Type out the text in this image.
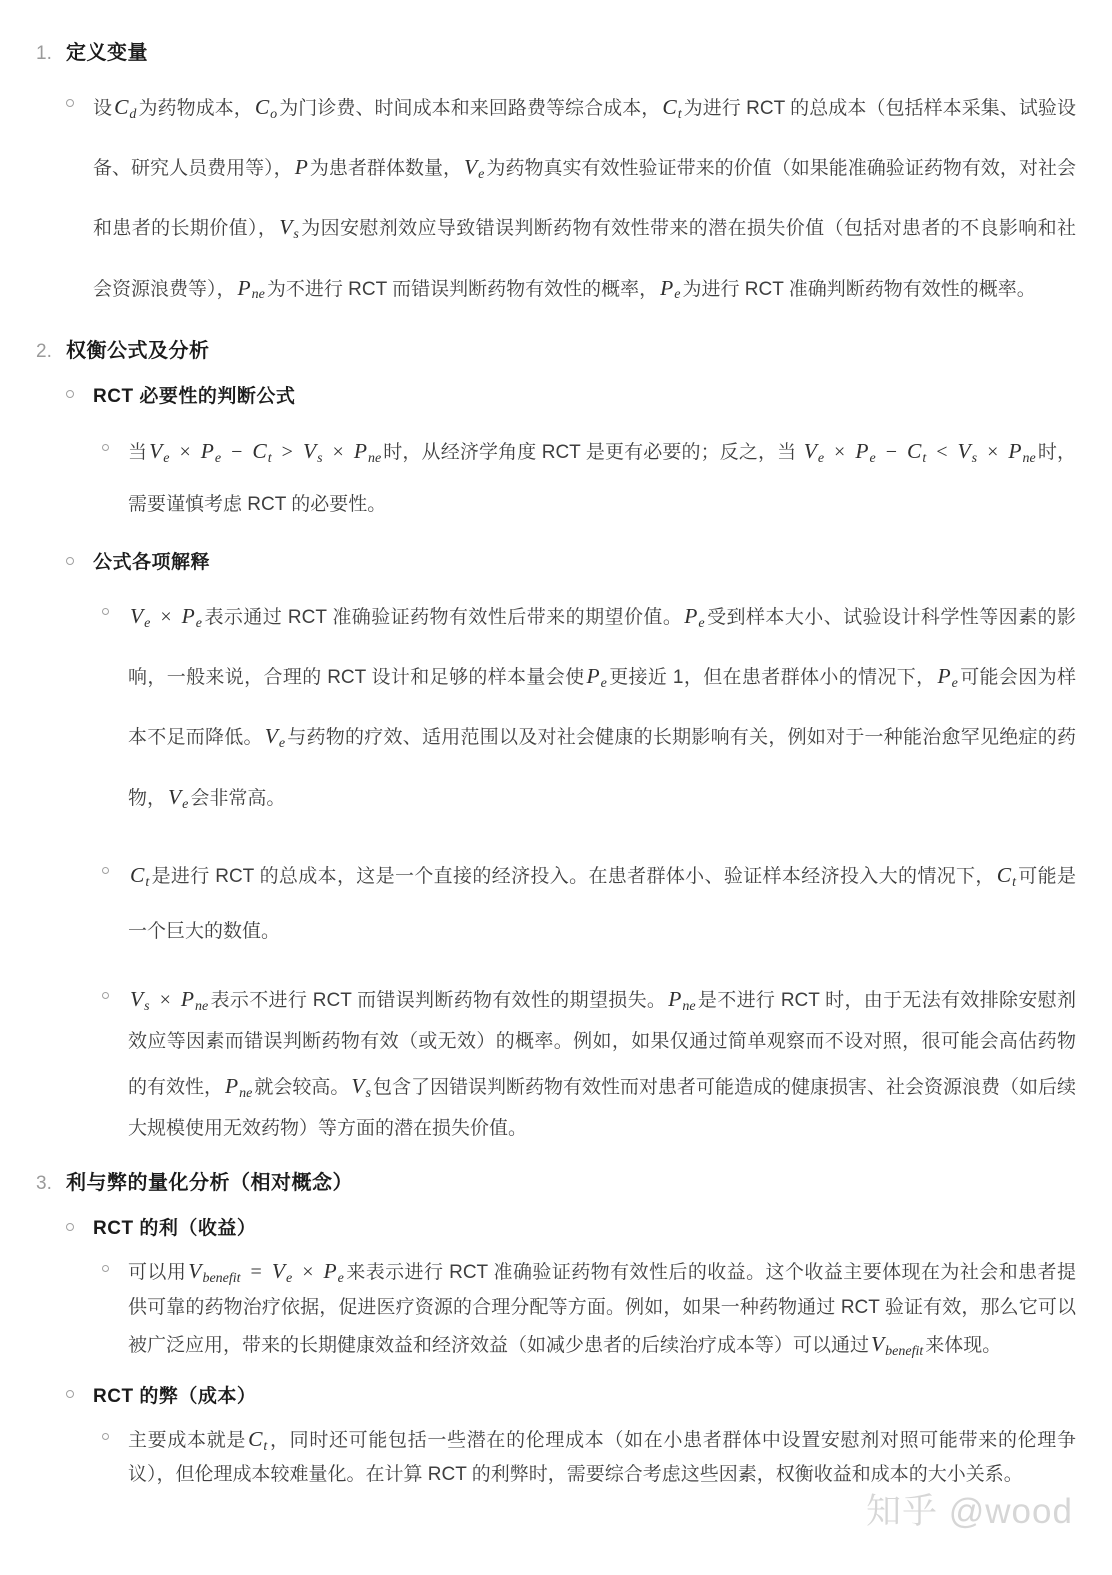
1. 定义变量
设$C_d$ 为药物成本，$C_o$ 为门诊费、时间成本和来回路费等综合成本，$C_t$ 为进行 RCT 的总成本（包括样本采集、试验设备、研究人员费用等），P 为患者群体数量，$V_e$ 为药物真实有效性验证带来的价值（如果能准确验证药物有效，对社会和患者的长期价值），$V_s$ 为因安慰剂效应导致错误判断药物有效性带来的潜在损失价值（包括对患者的不良影响和社会资源浪费等），$P_{ne}$ 为不进行 RCT 而错误判断药物有效性的概率，$P_e$ 为进行 RCT 准确判断药物有效性的概率。
2. 权衡公式及分析
RCT 必要性的判断公式
当$V_e \times P_e - C_t > V_s \times P_{ne}$ 时，从经济学角度 RCT 是更有必要的；反之，当 $V_e \times P_e - C_t < V_s \times P_{ne}$ 时，需要谨慎考虑 RCT 的必要性。
公式各项解释
$V_e \times P_e$ 表示通过 RCT 准确验证药物有效性后带来的期望价值。$P_e$ 受到样本大小、试验设计科学性等因素的影响，一般来说，合理的 RCT 设计和足够的样本量会使$P_e$ 更接近 1，但在患者群体小的情况下，$P_e$ 可能会因为样本不足而降低。$V_e$ 与药物的疗效、适用范围以及对社会健康的长期影响有关，例如对于一种能治愈罕见绝症的药物，$V_e$ 会非常高。
$C_t$ 是进行 RCT 的总成本，这是一个直接的经济投入。在患者群体小、验证样本经济投入大的情况下，$C_t$ 可能是一个巨大的数值。
$V_s \times P_{ne}$ 表示不进行 RCT 而错误判断药物有效性的期望损失。$P_{ne}$ 是不进行 RCT 时，由于无法有效排除安慰剂效应等因素而错误判断药物有效（或无效）的概率。例如，如果仅通过简单观察而不设对照，很可能会高估药物的有效性，$P_{ne}$ 就会较高。$V_s$ 包含了因错误判断药物有效性而对患者可能造成的健康损害、社会资源浪费（如后续大规模使用无效药物）等方面的潜在损失价值。
3. 利与弊的量化分析（相对概念）
RCT 的利（收益）
可以用$V_{benefit} = V_e \times P_e$ 来表示进行 RCT 准确验证药物有效性后的收益。这个收益主要体现在为社会和患者提供可靠的药物治疗依据，促进医疗资源的合理分配等方面。例如，如果一种药物通过 RCT 验证有效，那么它可以被广泛应用，带来的长期健康效益和经济效益（如减少患者的后续治疗成本等）可以通过$V_{benefit}$ 来体现。
RCT 的弊（成本）
主要成本就是$C_t$ ，同时还可能包括一些潜在的伦理成本（如在小患者群体中设置安慰剂对照可能带来的伦理争议），但伦理成本较难量化。在计算 RCT 的利弊时，需要综合考虑这些因素，权衡收益和成本的大小关系。
知乎 @wood
